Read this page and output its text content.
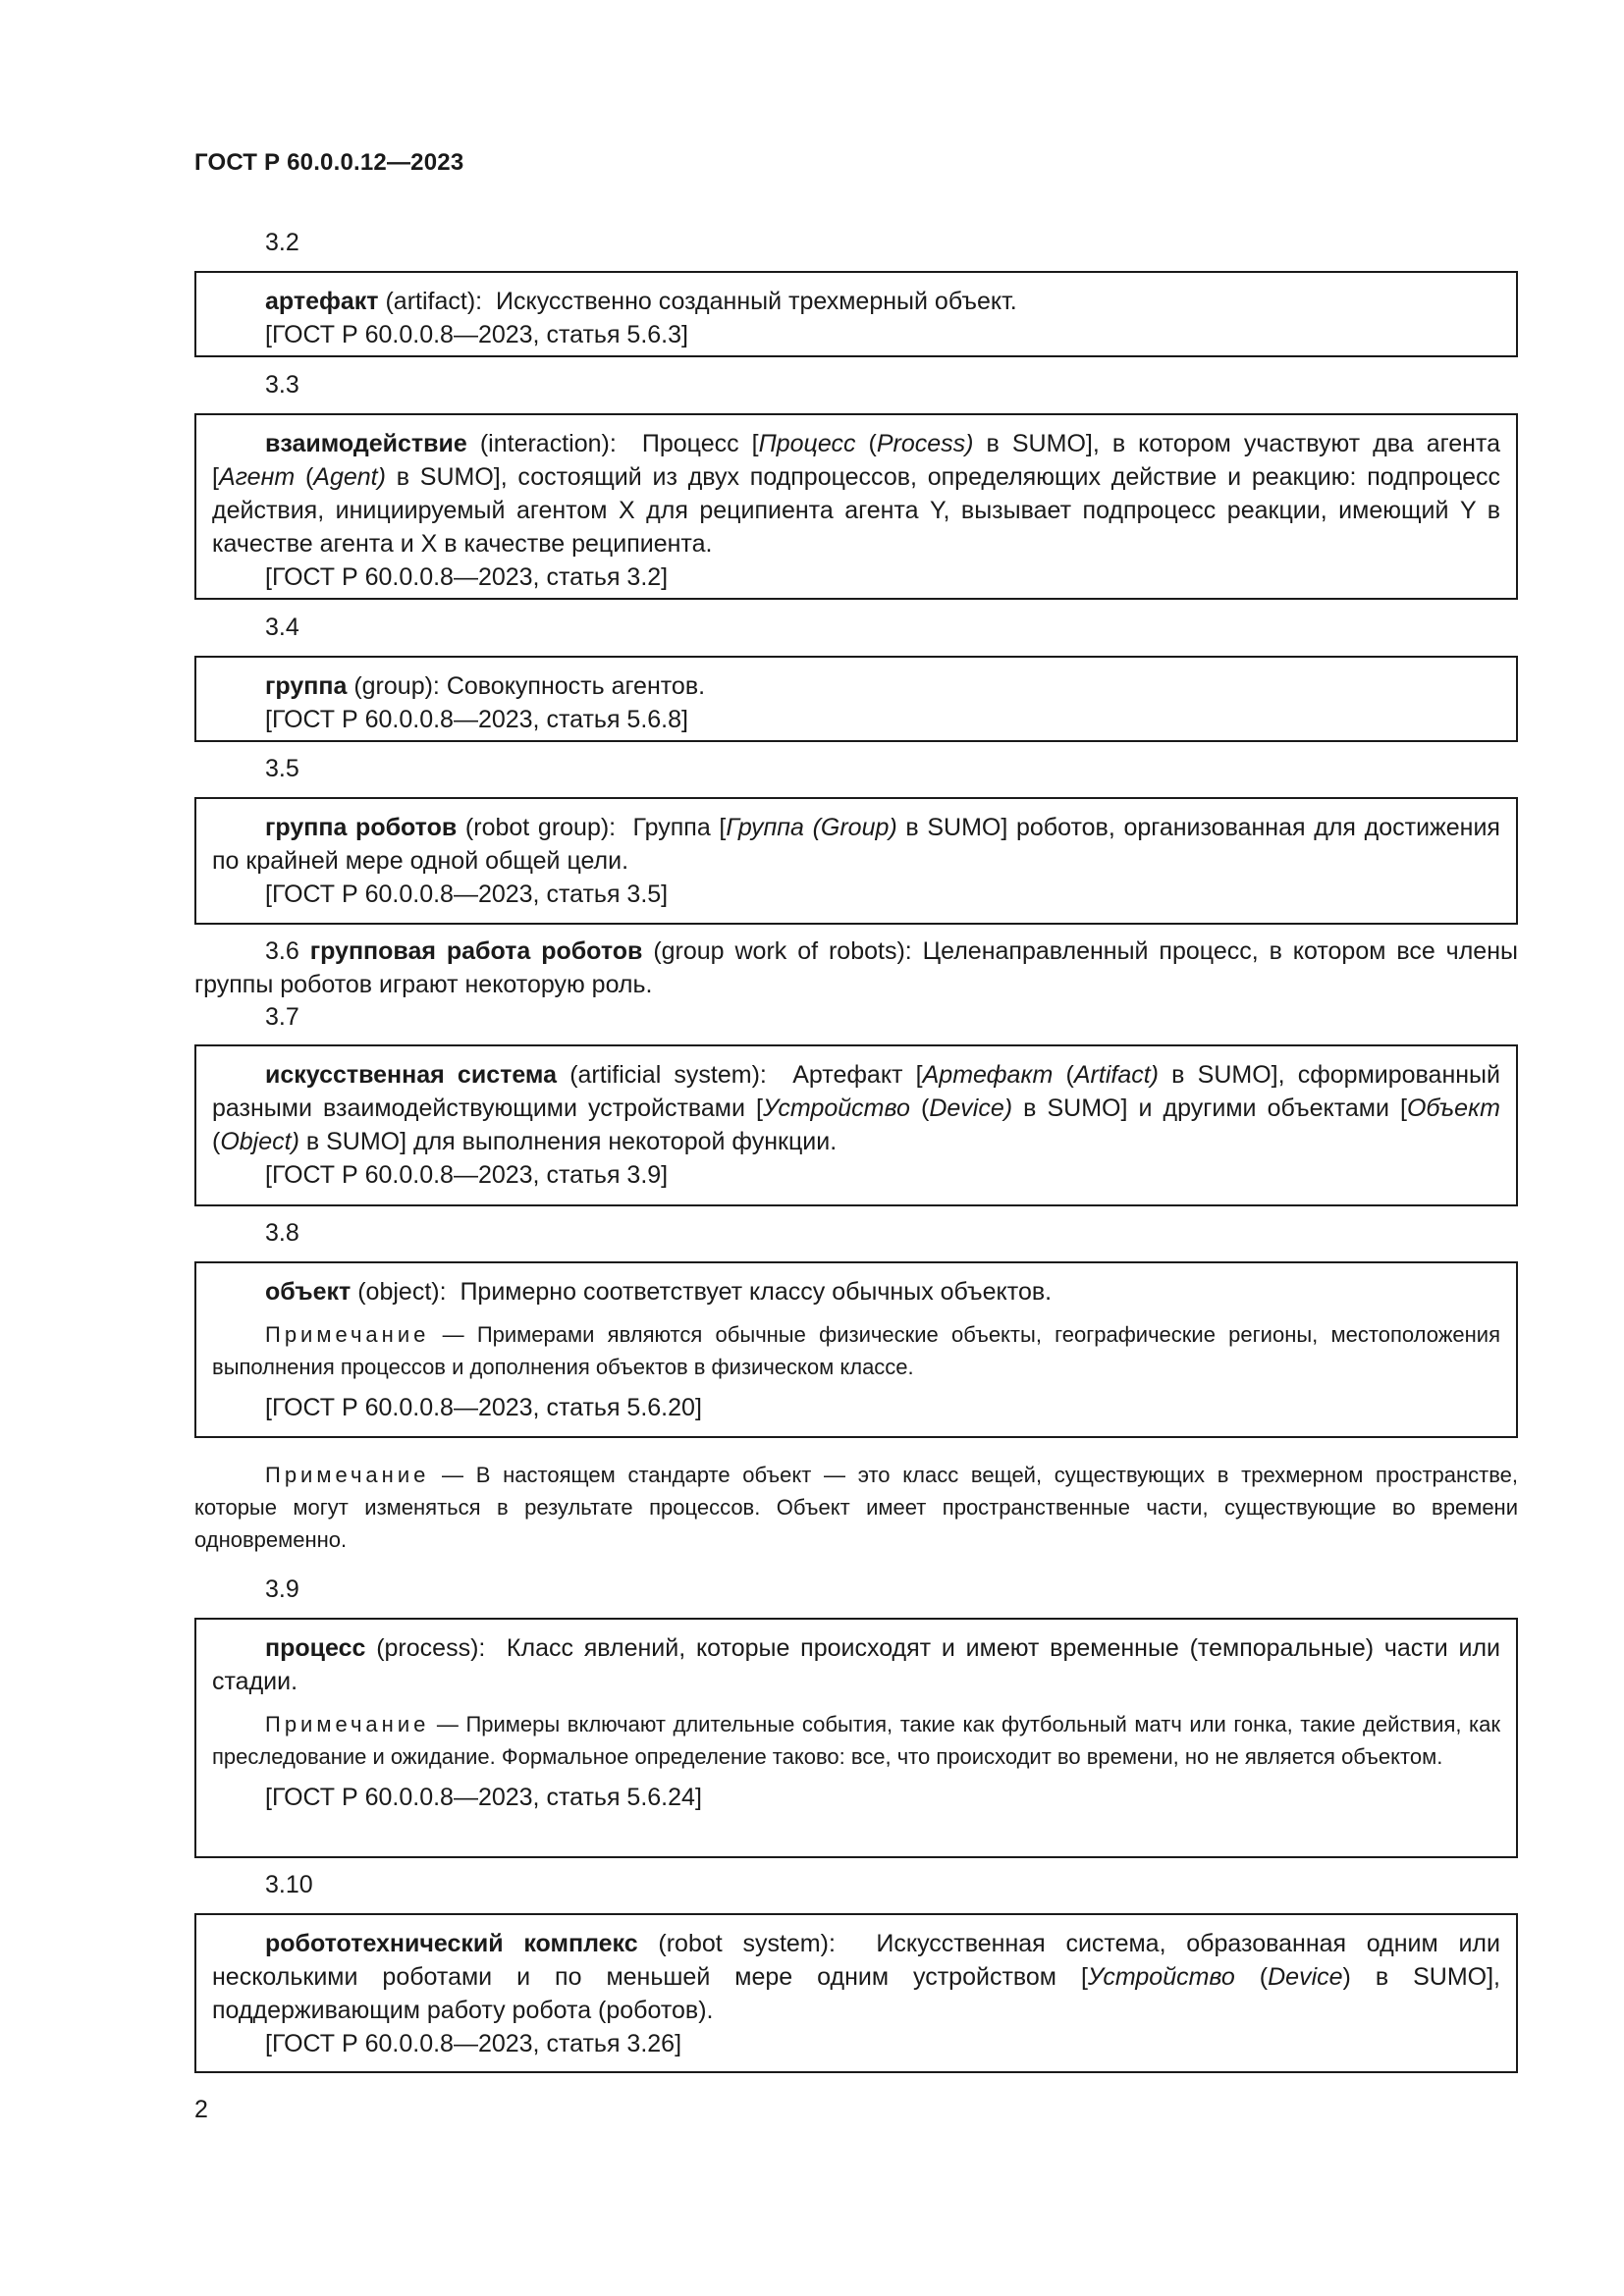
ГОСТ Р 60.0.0.12—2023
3.2

артефакт (artifact): Искусственно созданный трехмерный объект.

[ГОСТ Р 60.0.0.8—2023, статья 5.6.3]

3.3

взаимодействие (interaction): Процесс [Процесс (Process) в SUMO], в котором участвуют два агента [Агент (Agent) в SUMO], состоящий из двух подпроцессов, определяющих действие и реакцию: подпроцесс действия, инициируемый агентом X для реципиента агента Y, вызывает подпроцесс реакции, имеющий Y в качестве агента и X в качестве реципиента.

[ГОСТ Р 60.0.0.8—2023, статья 3.2]

3.4

группа (group): Совокупность агентов.

[ГОСТ Р 60.0.0.8—2023, статья 5.6.8]

3.5

группа роботов (robot group): Группа [Группа (Group) в SUMO] роботов, организованная для достижения по крайней мере одной общей цели.

[ГОСТ Р 60.0.0.8—2023, статья 3.5]

3.6 групповая работа роботов (group work of robots): Целенаправленный процесс, в котором все члены группы роботов играют некоторую роль.

3.7

искусственная система (artificial system): Артефакт [Артефакт (Artifact) в SUMO], сформированный разными взаимодействующими устройствами [Устройство (Device) в SUMO] и другими объектами [Объект (Object) в SUMO] для выполнения некоторой функции.

[ГОСТ Р 60.0.0.8—2023, статья 3.9]

3.8

объект (object): Примерно соответствует классу обычных объектов.

Примечание — Примерами являются обычные физические объекты, географические регионы, местоположения выполнения процессов и дополнения объектов в физическом классе.

[ГОСТ Р 60.0.0.8—2023, статья 5.6.20]

Примечание — В настоящем стандарте объект — это класс вещей, существующих в трехмерном пространстве, которые могут изменяться в результате процессов. Объект имеет пространственные части, существующие во времени одновременно.

3.9

процесс (process): Класс явлений, которые происходят и имеют временные (темпоральные) части или стадии.

Примечание — Примеры включают длительные события, такие как футбольный матч или гонка, такие действия, как преследование и ожидание. Формальное определение таково: все, что происходит во времени, но не является объектом.

[ГОСТ Р 60.0.0.8—2023, статья 5.6.24]

3.10

робототехнический комплекс (robot system): Искусственная система, образованная одним или несколькими роботами и по меньшей мере одним устройством [Устройство (Device) в SUMO], поддерживающим работу робота (роботов).

[ГОСТ Р 60.0.0.8—2023, статья 3.26]

2
